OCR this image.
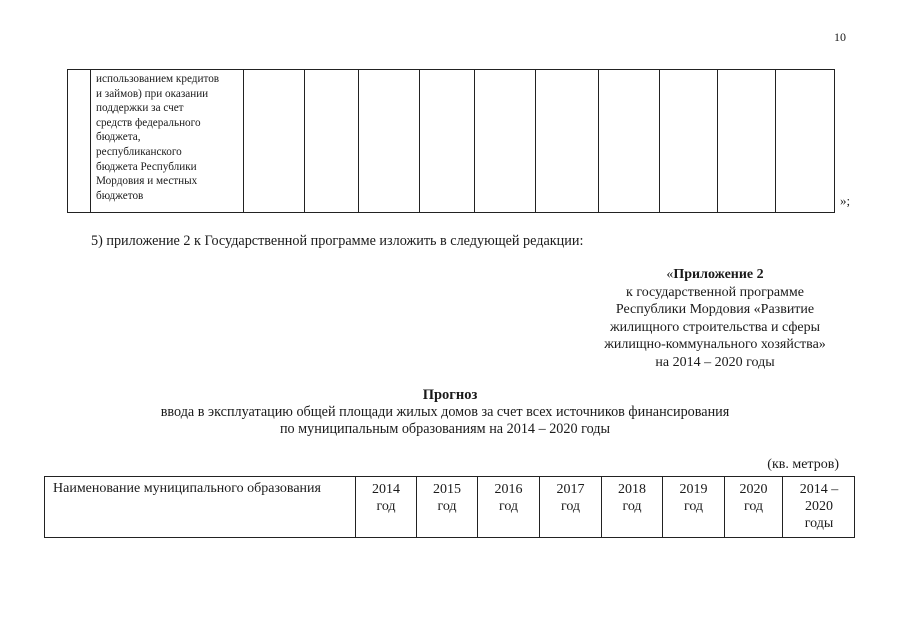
10
использованием кредитов
и займов) при оказании
поддержки за счет
средств федерального
бюджета,
республиканского
бюджета Республики
Мордовия и местных
бюджетов	»;
5) приложение 2 к Государственной программе изложить в следующей редакции:
«Приложение 2
к государственной программе
Республики Мордовия «Развитие
жилищного строительства и сферы
жилищно-коммунального хозяйства»
на 2014 – 2020 годы
Прогноз
ввода в эксплуатацию общей площади жилых домов за счет всех источников финансирования
по муниципальным образованиям на 2014 – 2020 годы
(кв. метров)
Наименование муниципального образования	2014
год
2015
год
2016
год
2017
год
2018
год
2019
год
2020
год
2014 –
2020
годы
